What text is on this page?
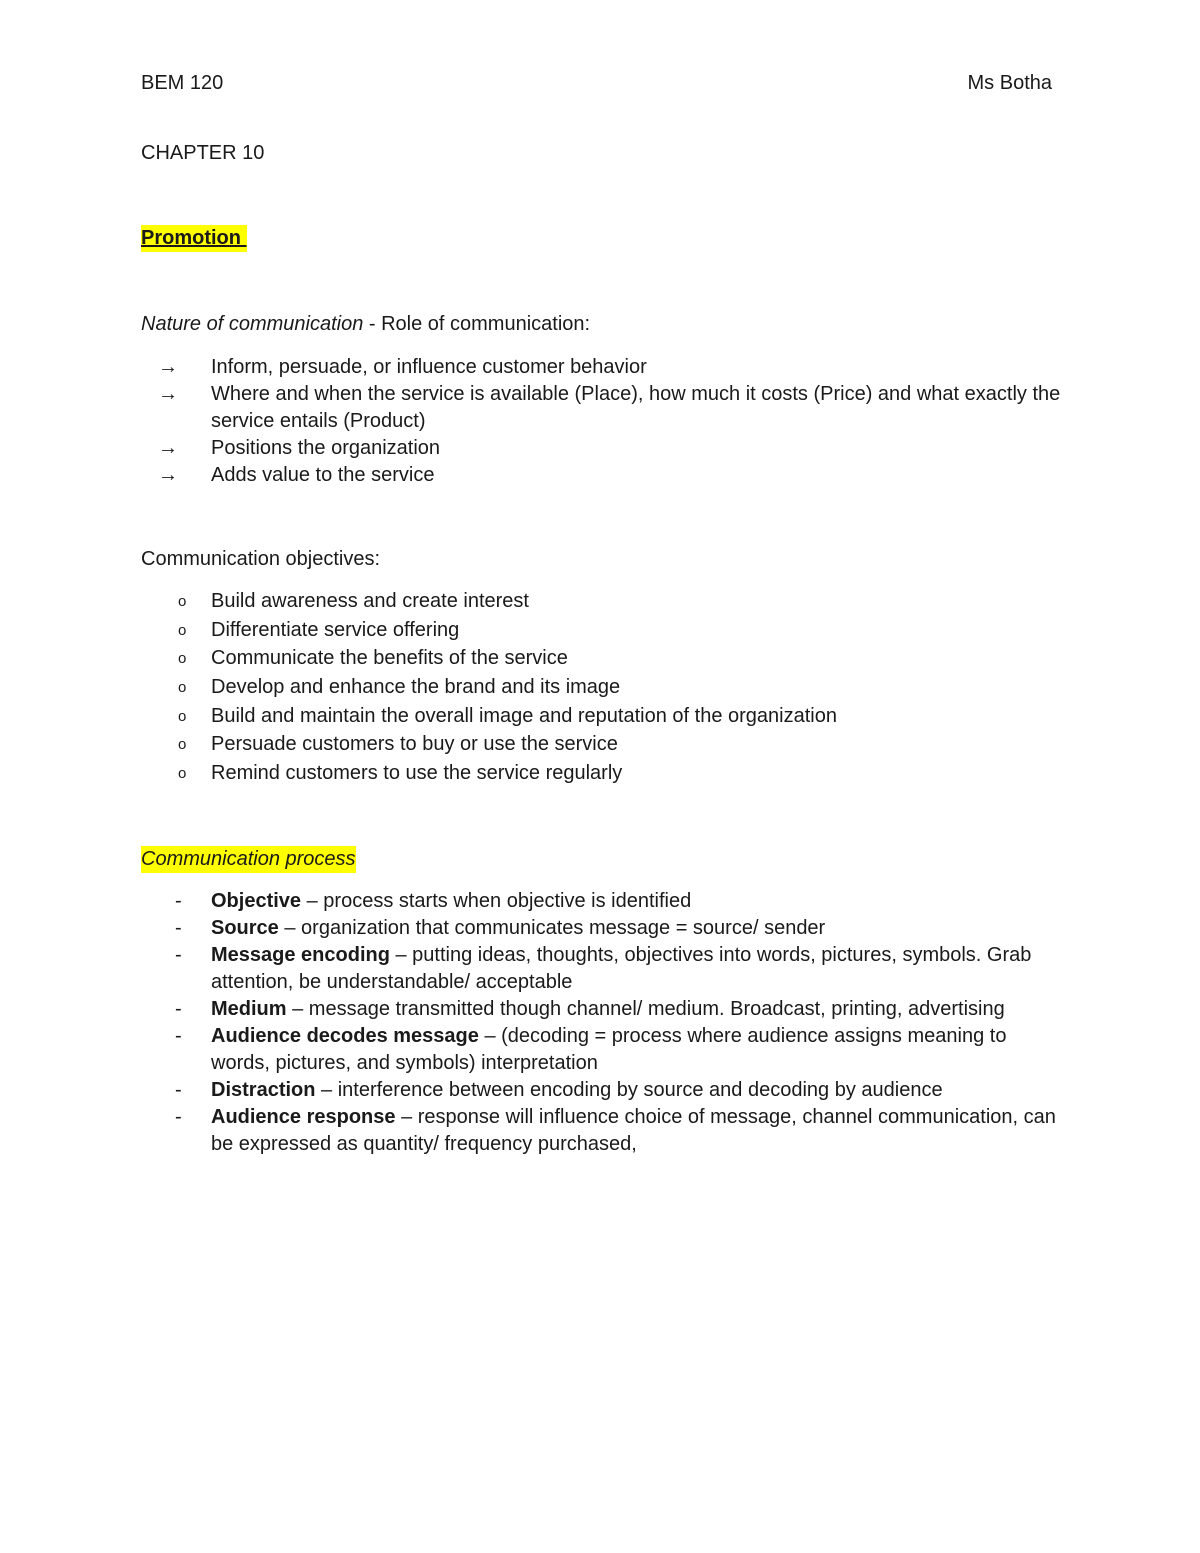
BEM 120	Ms Botha
CHAPTER 10
Promotion
Nature of communication - Role of communication:
→ Inform, persuade, or influence customer behavior
→ Where and when the service is available (Place), how much it costs (Price) and what exactly the service entails (Product)
→ Positions the organization
→ Adds value to the service
Communication objectives:
o Build awareness and create interest
o Differentiate service offering
o Communicate the benefits of the service
o Develop and enhance the brand and its image
o Build and maintain the overall image and reputation of the organization
o Persuade customers to buy or use the service
o Remind customers to use the service regularly
Communication process
- Objective – process starts when objective is identified
- Source – organization that communicates message = source/ sender
- Message encoding – putting ideas, thoughts, objectives into words, pictures, symbols. Grab attention, be understandable/ acceptable
- Medium – message transmitted though channel/ medium. Broadcast, printing, advertising
- Audience decodes message – (decoding = process where audience assigns meaning to words, pictures, and symbols) interpretation
- Distraction – interference between encoding by source and decoding by audience
- Audience response – response will influence choice of message, channel communication, can be expressed as quantity/ frequency purchased,
